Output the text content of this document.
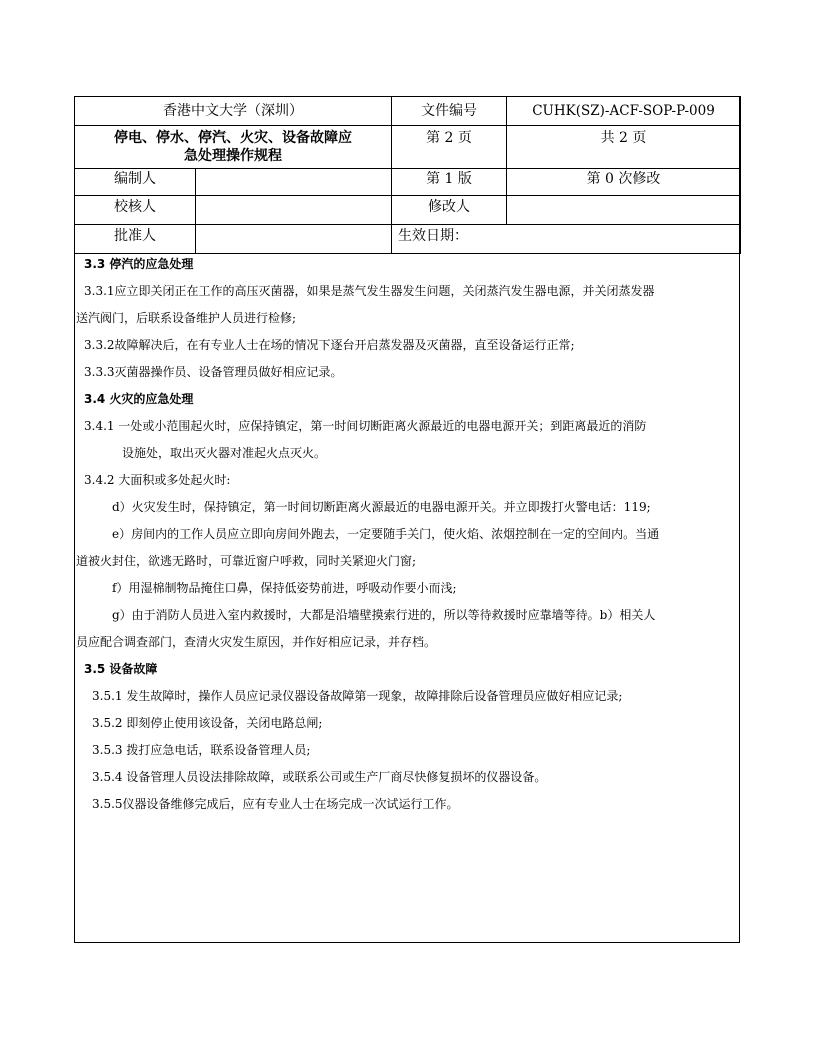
香港中文大学（深圳）		文件编号	CUHK(SZ)-ACF-SOP-P-009

停电、停水、停汽、火灾、设备故障应
急处理操作规程		第 2 页	共 2 页
编制人		第 1 版	第 0 次修改
校核人		修改人	
批准人		生效日期：	
3.3 停汽的应急处理
3.3.1应立即关闭正在工作的高压灭菌器，如果是蒸气发生器发生问题，关闭蒸汽发生器电源，并关闭蒸发器
送汽阀门，后联系设备维护人员进行检修;
3.3.2故障解决后，在有专业人士在场的情况下逐台开启蒸发器及灭菌器，直至设备运行正常;
3.3.3灭菌器操作员、设备管理员做好相应记录。
3.4 火灾的应急处理
3.4.1 一处或小范围起火时，应保持镇定，第一时间切断距离火源最近的电器电源开关；到距离最近的消防
设施处，取出灭火器对准起火点灭火。
3.4.2 大面积或多处起火时:
d）火灾发生时，保持镇定，第一时间切断距离火源最近的电器电源开关。并立即拨打火警电话：119;
e）房间内的工作人员应立即向房间外跑去，一定要随手关门，使火焰、浓烟控制在一定的空间内。当通
道被火封住，欲逃无路时，可靠近窗户呼救，同时关紧迎火门窗;
f）用湿棉制物品掩住口鼻，保持低姿势前进，呼吸动作要小而浅;
g）由于消防人员进入室内救援时，大都是沿墙壁摸索行进的，所以等待救援时应靠墙等待。b）相关人
员应配合调查部门，查清火灾发生原因，并作好相应记录，并存档。
3.5 设备故障
3.5.1 发生故障时，操作人员应记录仪器设备故障第一现象，故障排除后设备管理员应做好相应记录;
3.5.2 即刻停止使用该设备，关闭电路总闸;
3.5.3 拨打应急电话，联系设备管理人员;
3.5.4 设备管理人员设法排除故障，或联系公司或生产厂商尽快修复损坏的仪器设备。
3.5.5仪器设备维修完成后，应有专业人士在场完成一次试运行工作。
